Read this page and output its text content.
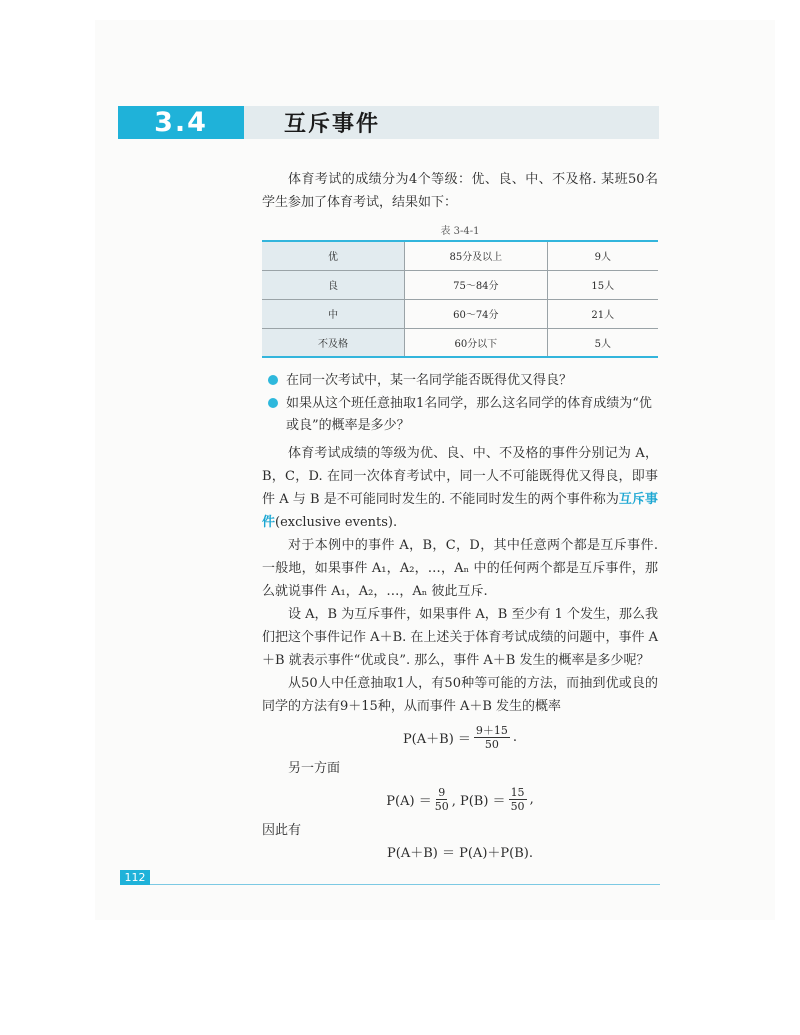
3.4	互斥事件

体育考试的成绩分为4个等级：优、良、中、不及格. 某班50名学生参加了体育考试，结果如下：

表 3-4-1
优	85分及以上	9人
良	75～84分	15人
中	60～74分	21人
不及格	60分以下	5人
在同一次考试中，某一名同学能否既得优又得良？
如果从这个班任意抽取1名同学，那么这名同学的体育成绩为“优或良”的概率是多少？

体育考试成绩的等级为优、良、中、不及格的事件分别记为 A，B，C，D. 在同一次体育考试中，同一人不可能既得优又得良，即事件 A 与 B 是不可能同时发生的. 不能同时发生的两个事件称为互斥事件(exclusive events).

对于本例中的事件 A，B，C，D，其中任意两个都是互斥事件. 一般地，如果事件 A₁，A₂，…，Aₙ 中的任何两个都是互斥事件，那么就说事件 A₁，A₂，…，Aₙ 彼此互斥.

设 A，B 为互斥事件，如果事件 A，B 至少有 1 个发生，那么我们把这个事件记作 A＋B. 在上述关于体育考试成绩的问题中，事件 A＋B 就表示事件“优或良”. 那么，事件 A＋B 发生的概率是多少呢？

从50人中任意抽取1人，有50种等可能的方法，而抽到优或良的同学的方法有9＋15种，从而事件 A＋B 发生的概率

$P(A+B) = \frac{9+15}{50}$ .

另一方面

$P(A) = \frac{9}{50}$ , $P(B) = \frac{15}{50}$ ,

因此有

P(A＋B) ＝ P(A)＋P(B).
112
